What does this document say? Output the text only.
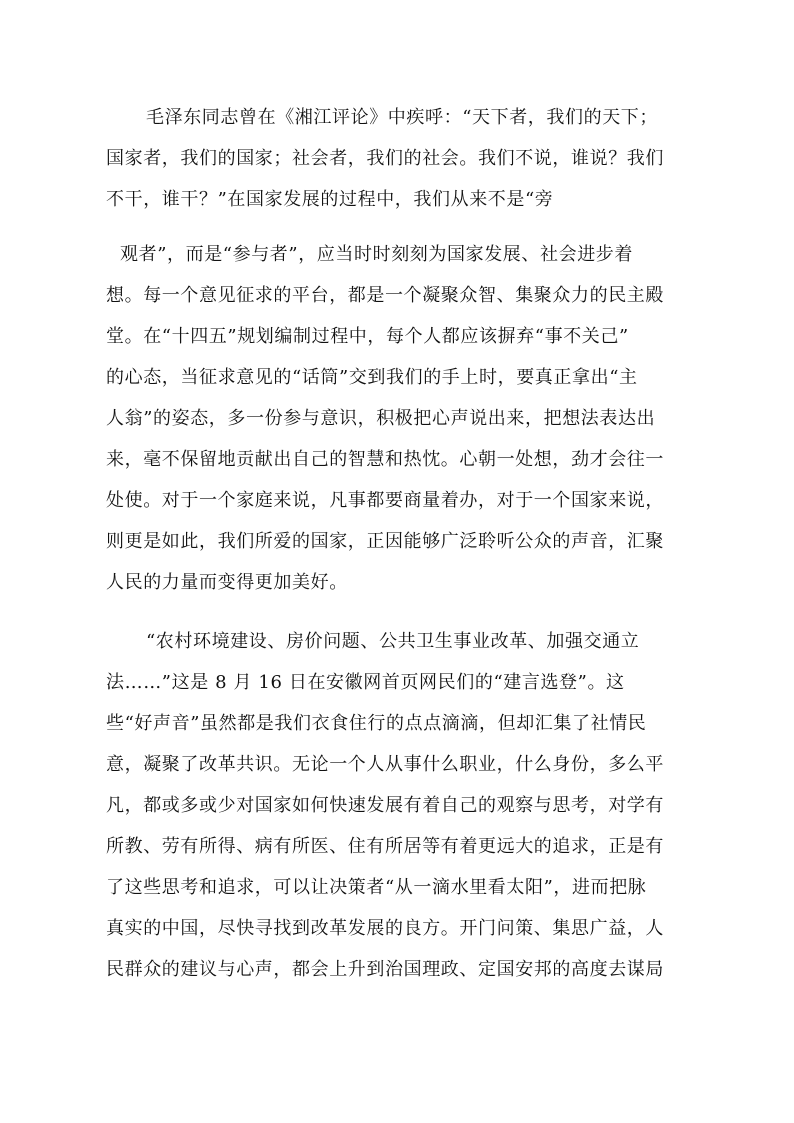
毛泽东同志曾在《湘江评论》中疾呼：“天下者，我们的天下；
国家者，我们的国家；社会者，我们的社会。我们不说，谁说？我们
不干，谁干？”在国家发展的过程中，我们从来不是“旁
观者”，而是“参与者”，应当时时刻刻为国家发展、社会进步着
想。每一个意见征求的平台，都是一个凝聚众智、集聚众力的民主殿
堂。在“十四五”规划编制过程中，每个人都应该摒弃“事不关己”
的心态，当征求意见的“话筒”交到我们的手上时，要真正拿出“主
人翁”的姿态，多一份参与意识，积极把心声说出来，把想法表达出
来，毫不保留地贡献出自己的智慧和热忱。心朝一处想，劲才会往一
处使。对于一个家庭来说，凡事都要商量着办，对于一个国家来说，
则更是如此，我们所爱的国家，正因能够广泛聆听公众的声音，汇聚
人民的力量而变得更加美好。
“农村环境建设、房价问题、公共卫生事业改革、加强交通立
法……”这是 8 月 16 日在安徽网首页网民们的“建言选登”。这
些“好声音”虽然都是我们衣食住行的点点滴滴，但却汇集了社情民
意，凝聚了改革共识。无论一个人从事什么职业，什么身份，多么平
凡，都或多或少对国家如何快速发展有着自己的观察与思考，对学有
所教、劳有所得、病有所医、住有所居等有着更远大的追求，正是有
了这些思考和追求，可以让决策者“从一滴水里看太阳”，进而把脉
真实的中国，尽快寻找到改革发展的良方。开门问策、集思广益，人
民群众的建议与心声，都会上升到治国理政、定国安邦的高度去谋局
